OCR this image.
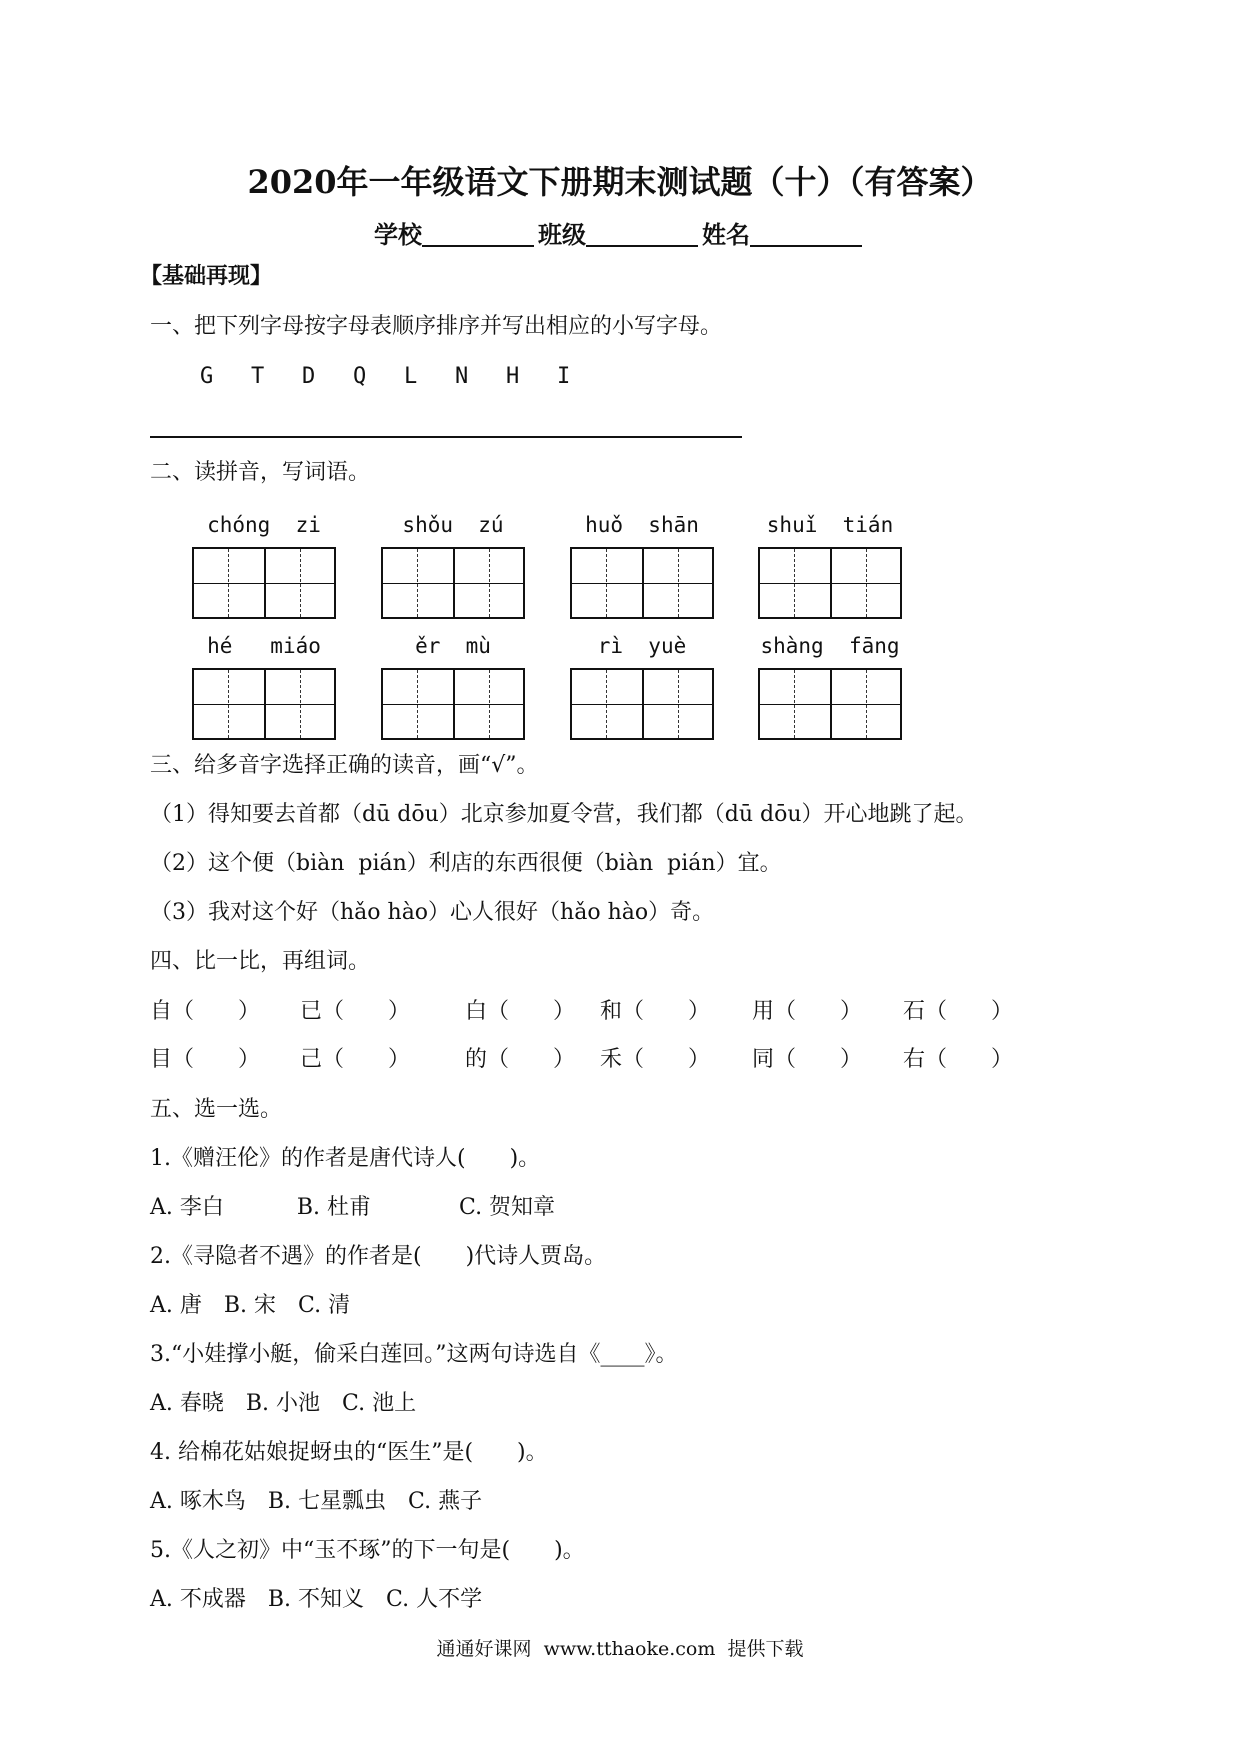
2020年一年级语文下册期末测试题（十）（有答案）
学校	班级	姓名
【基础再现】
一、把下列字母按字母表顺序排序并写出相应的小写字母。
G T D Q L N H I
二、读拼音，写词语。
chóng  zi	shǒu  zú	huǒ  shān	shuǐ  tián
hé   miáo	ěr  mù	rì  yuè	shàng  fāng
三、给多音字选择正确的读音，画“√”。
（1）得知要去首都（dū dōu）北京参加夏令营，我们都（dū dōu）开心地跳了起。
（2）这个便（biàn  pián）利店的东西很便（biàn  pián）宜。
（3）我对这个好（hǎo hào）心人很好（hǎo hào）奇。
四、比一比，再组词。
自（　　） 已（　　） 白（　　） 和（　　） 用（　　） 石（　　）
目（　　） 己（　　） 的（　　） 禾（　　） 同（　　） 右（　　）
五、选一选。
1.《赠汪伦》的作者是唐代诗人(　　)。
A. 李白　　　 B. 杜甫　　　　C. 贺知章
2.《寻隐者不遇》的作者是(　　)代诗人贾岛。
A. 唐　B. 宋　C. 清
3.“小娃撑小艇，偷采白莲回。”这两句诗选自《____》。
A. 春晓　B. 小池　C. 池上
4. 给棉花姑娘捉蚜虫的“医生”是(　　)。
A. 啄木鸟　B. 七星瓢虫　C. 燕子
5.《人之初》中“玉不琢”的下一句是(　　)。
A. 不成器　B. 不知义　C. 人不学
通通好课网  www.tthaoke.com  提供下载
